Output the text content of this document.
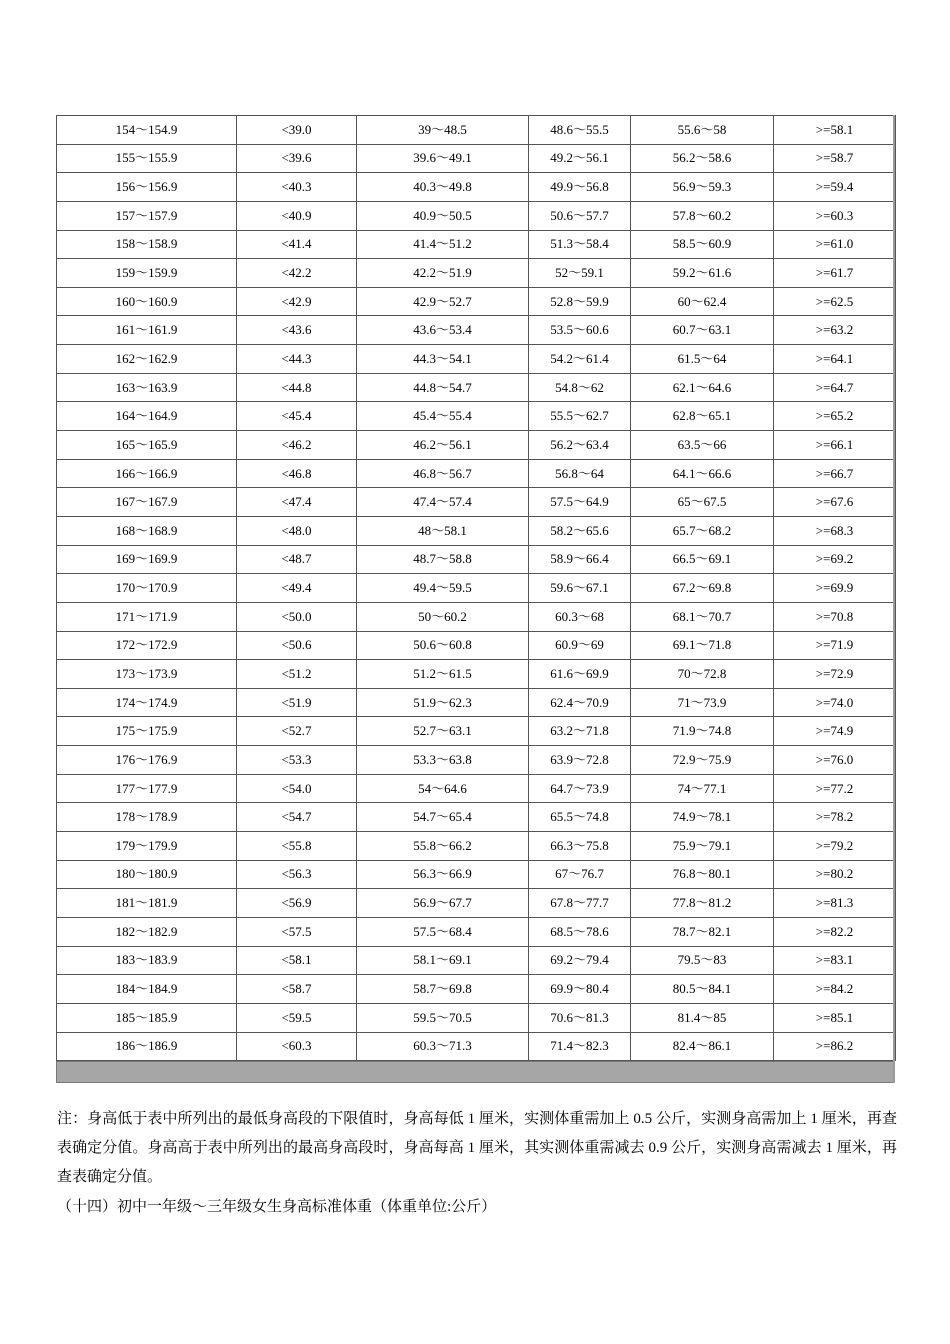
154～154.9	<39.0	39～48.5	48.6～55.5	55.6～58	>=58.1
155～155.9	<39.6	39.6～49.1	49.2～56.1	56.2～58.6	>=58.7
156～156.9	<40.3	40.3～49.8	49.9～56.8	56.9～59.3	>=59.4
157～157.9	<40.9	40.9～50.5	50.6～57.7	57.8～60.2	>=60.3
158～158.9	<41.4	41.4～51.2	51.3～58.4	58.5～60.9	>=61.0
159～159.9	<42.2	42.2～51.9	52～59.1	59.2～61.6	>=61.7
160～160.9	<42.9	42.9～52.7	52.8～59.9	60～62.4	>=62.5
161～161.9	<43.6	43.6～53.4	53.5～60.6	60.7～63.1	>=63.2
162～162.9	<44.3	44.3～54.1	54.2～61.4	61.5～64	>=64.1
163～163.9	<44.8	44.8～54.7	54.8～62	62.1～64.6	>=64.7
164～164.9	<45.4	45.4～55.4	55.5～62.7	62.8～65.1	>=65.2
165～165.9	<46.2	46.2～56.1	56.2～63.4	63.5～66	>=66.1
166～166.9	<46.8	46.8～56.7	56.8～64	64.1～66.6	>=66.7
167～167.9	<47.4	47.4～57.4	57.5～64.9	65～67.5	>=67.6
168～168.9	<48.0	48～58.1	58.2～65.6	65.7～68.2	>=68.3
169～169.9	<48.7	48.7～58.8	58.9～66.4	66.5～69.1	>=69.2
170～170.9	<49.4	49.4～59.5	59.6～67.1	67.2～69.8	>=69.9
171～171.9	<50.0	50～60.2	60.3～68	68.1～70.7	>=70.8
172～172.9	<50.6	50.6～60.8	60.9～69	69.1～71.8	>=71.9
173～173.9	<51.2	51.2～61.5	61.6～69.9	70～72.8	>=72.9
174～174.9	<51.9	51.9～62.3	62.4～70.9	71～73.9	>=74.0
175～175.9	<52.7	52.7～63.1	63.2～71.8	71.9～74.8	>=74.9
176～176.9	<53.3	53.3～63.8	63.9～72.8	72.9～75.9	>=76.0
177～177.9	<54.0	54～64.6	64.7～73.9	74～77.1	>=77.2
178～178.9	<54.7	54.7～65.4	65.5～74.8	74.9～78.1	>=78.2
179～179.9	<55.8	55.8～66.2	66.3～75.8	75.9～79.1	>=79.2
180～180.9	<56.3	56.3～66.9	67～76.7	76.8～80.1	>=80.2
181～181.9	<56.9	56.9～67.7	67.8～77.7	77.8～81.2	>=81.3
182～182.9	<57.5	57.5～68.4	68.5～78.6	78.7～82.1	>=82.2
183～183.9	<58.1	58.1～69.1	69.2～79.4	79.5～83	>=83.1
184～184.9	<58.7	58.7～69.8	69.9～80.4	80.5～84.1	>=84.2
185～185.9	<59.5	59.5～70.5	70.6～81.3	81.4～85	>=85.1
186～186.9	<60.3	60.3～71.3	71.4～82.3	82.4～86.1	>=86.2

注：身高低于表中所列出的最低身高段的下限值时，身高每低 1 厘米，实测体重需加上 0.5 公斤，实测身高需加上 1 厘米，再查表确定分值。身高高于表中所列出的最高身高段时，身高每高 1 厘米，其实测体重需减去 0.9 公斤，实测身高需减去 1 厘米，再查表确定分值。

（十四）初中一年级～三年级女生身高标准体重（体重单位:公斤）
